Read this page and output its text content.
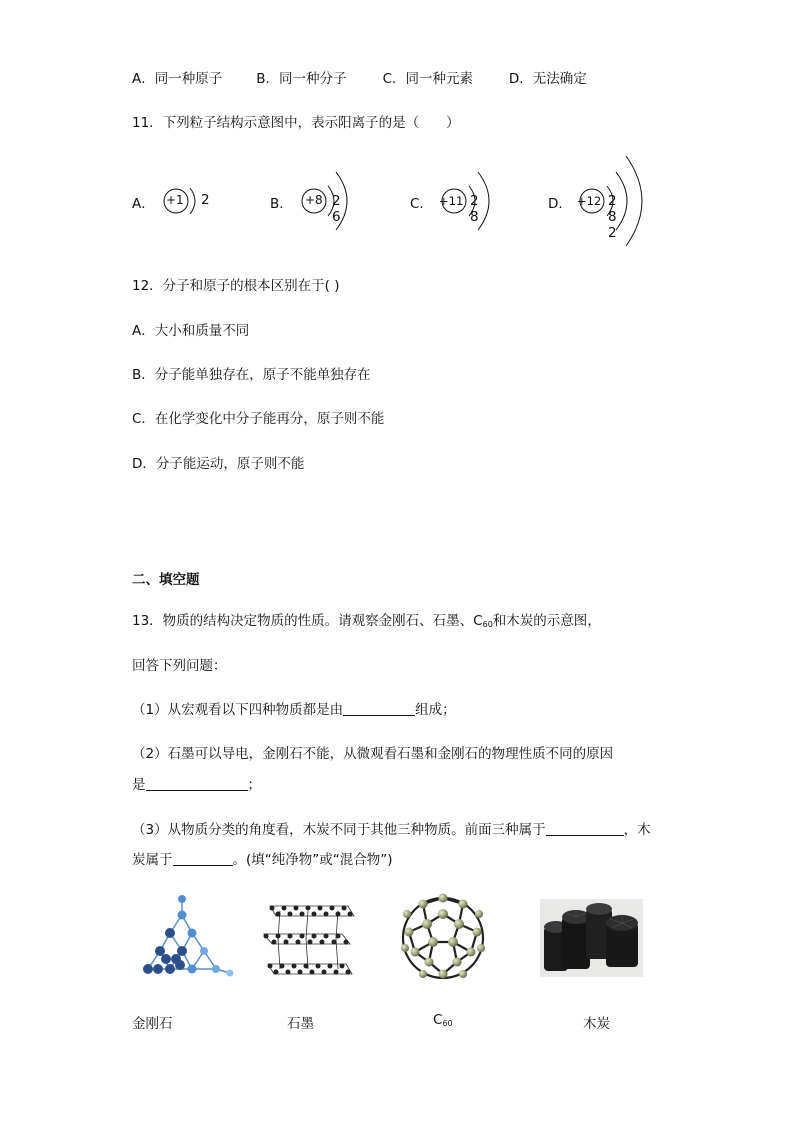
A．同一种原子	B．同一种分子	C．同一种元素	D．无法确定
11．下列粒子结构示意图中，表示阳离子的是（　　）
A． +1 2	B． +8 2 6
C． +11 2 8
D． +12 2 8 2
12．分子和原子的根本区别在于( )
A．大小和质量不同
B．分子能单独存在，原子不能单独存在
C．在化学变化中分子能再分，原子则不能
D．分子能运动，原子则不能
二、填空题
13．物质的结构决定物质的性质。请观察金刚石、石墨、$C_{60}$和木炭的示意图，
回答下列问题：
（1）从宏观看以下四种物质都是由	组成；
（2）石墨可以导电，金刚石不能，从微观看石墨和金刚石的物理性质不同的原因
是	；
（3）从物质分类的角度看，木炭不同于其他三种物质。前面三种属于	，木
炭属于	。(填“纯净物”或“混合物”)
金刚石	石墨	$C_{60}$	木炭
